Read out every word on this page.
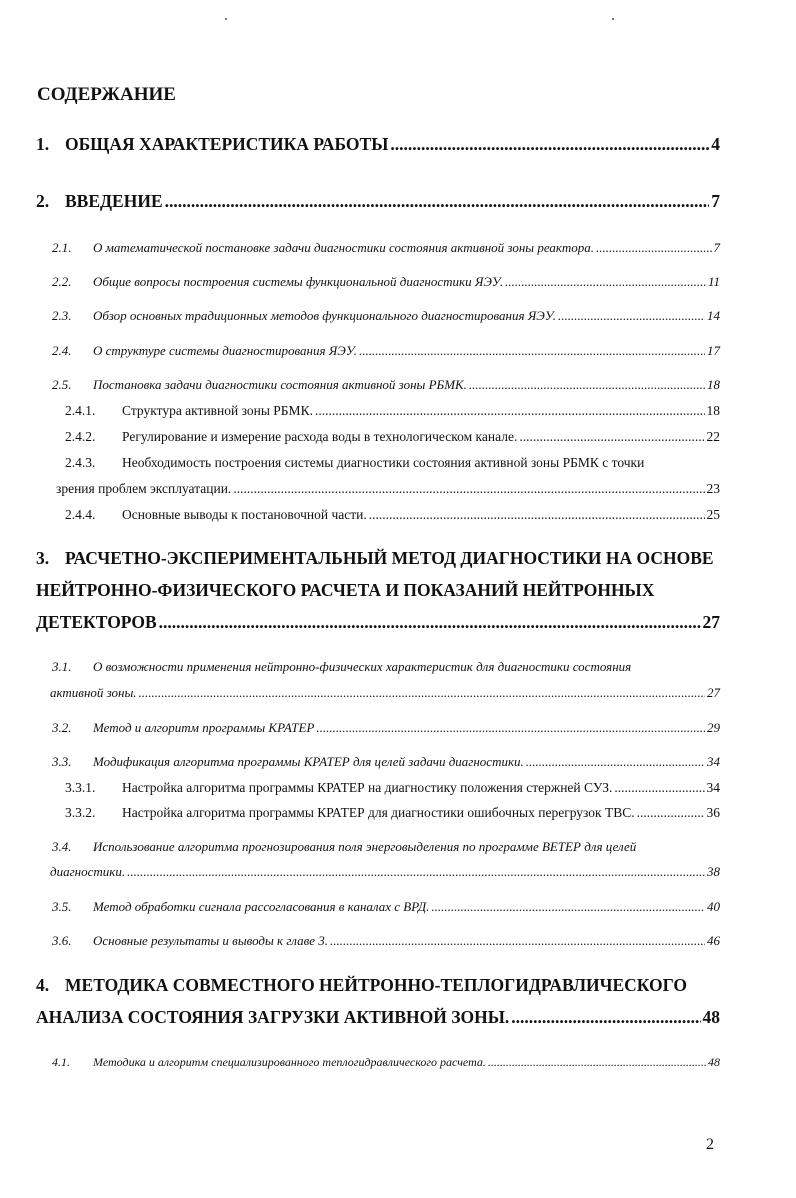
СОДЕРЖАНИЕ
1. ОБЩАЯ ХАРАКТЕРИСТИКА РАБОТЫ .....	4
2. ВВЕДЕНИЕ .....	7
2.1.	О математической постановке задачи диагностики состояния активной зоны реактора. .....	7
2.2.	Общие вопросы построения системы функциональной диагностики ЯЭУ. .....	11
2.3.	Обзор основных традиционных методов функционального диагностирования ЯЭУ. .....	14
2.4.	О структуре системы диагностирования ЯЭУ. .....	17
2.5.	Постановка задачи диагностики состояния активной зоны РБМК. .....	18
2.4.1.	Структура активной зоны РБМК. .....	18
2.4.2.	Регулирование и измерение расхода воды в технологическом канале. .....	22
2.4.3.	Необходимость построения системы диагностики состояния активной зоны РБМК с точки
зрения проблем эксплуатации. .....	23
2.4.4.	Основные выводы к постановочной части. .....	25
3. РАСЧЕТНО-ЭКСПЕРИМЕНТАЛЬНЫЙ МЕТОД ДИАГНОСТИКИ НА ОСНОВЕ
НЕЙТРОННО-ФИЗИЧЕСКОГО РАСЧЕТА И ПОКАЗАНИЙ НЕЙТРОННЫХ
ДЕТЕКТОРОВ .....	27
3.1.	О возможности применения нейтронно-физических характеристик для диагностики состояния
активной зоны. .....	27
3.2.	Метод и алгоритм программы КРАТЕР .....	29
3.3.	Модификация алгоритма программы КРАТЕР для целей задачи диагностики. .....	34
3.3.1.	Настройка алгоритма программы КРАТЕР на диагностику положения стержней СУЗ. .....	34
3.3.2.	Настройка алгоритма программы КРАТЕР для диагностики ошибочных перегрузок ТВС. .....	36
3.4.	Использование алгоритма прогнозирования поля энерговыделения по программе ВЕТЕР для целей
диагностики. .....	38
3.5.	Метод обработки сигнала рассогласования в каналах с ВРД. .....	40
3.6.	Основные результаты и выводы к главе 3. .....	46
4. МЕТОДИКА СОВМЕСТНОГО НЕЙТРОННО-ТЕПЛОГИДРАВЛИЧЕСКОГО
АНАЛИЗА СОСТОЯНИЯ ЗАГРУЗКИ АКТИВНОЙ ЗОНЫ. .....	48
4.1.	Методика и алгоритм специализированного теплогидравлического расчета. .....	48
2
